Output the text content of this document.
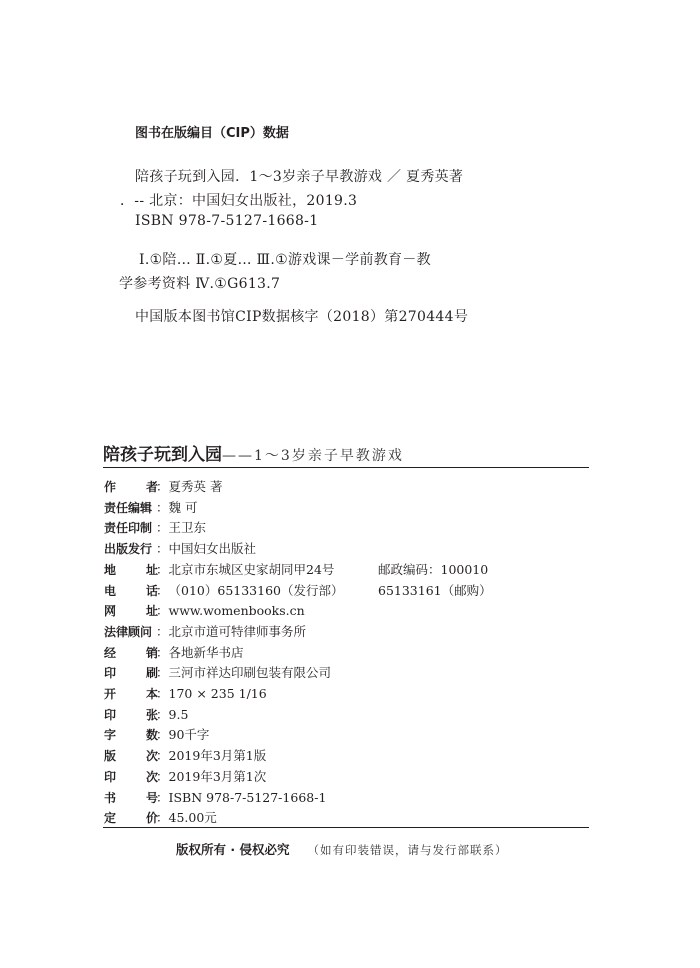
图书在版编目（CIP）数据
陪孩子玩到入园．1～3岁亲子早教游戏 ／ 夏秀英著
．-- 北京：中国妇女出版社，2019.3
ISBN 978-7-5127-1668-1
Ⅰ.①陪… Ⅱ.①夏… Ⅲ.①游戏课－学前教育－教
学参考资料 Ⅳ.①G613.7
中国版本图书馆CIP数据核字（2018）第270444号
陪孩子玩到入园 ——1～3岁亲子早教游戏
作 者
： 夏秀英 著
责任编辑 ： 魏 可
责任印制 ： 王卫东
出版发行 ： 中国妇女出版社
地 址
： 北京市东城区史家胡同甲24号	邮政编码：100010
电 话
： （010）65133160（发行部）	65133161（邮购）
网 址
： www.womenbooks.cn
法律顾问 ： 北京市道可特律师事务所
经 销
： 各地新华书店
印 刷
： 三河市祥达印刷包装有限公司
开 本
： 170 × 235 1/16
印 张
： 9.5
字 数
： 90千字
版 次
： 2019年3月第1版
印 次
： 2019年3月第1次
书 号
： ISBN 978-7-5127-1668-1
定 价
： 45.00元
版权所有 · 侵权必究 （如有印装错误，请与发行部联系）
